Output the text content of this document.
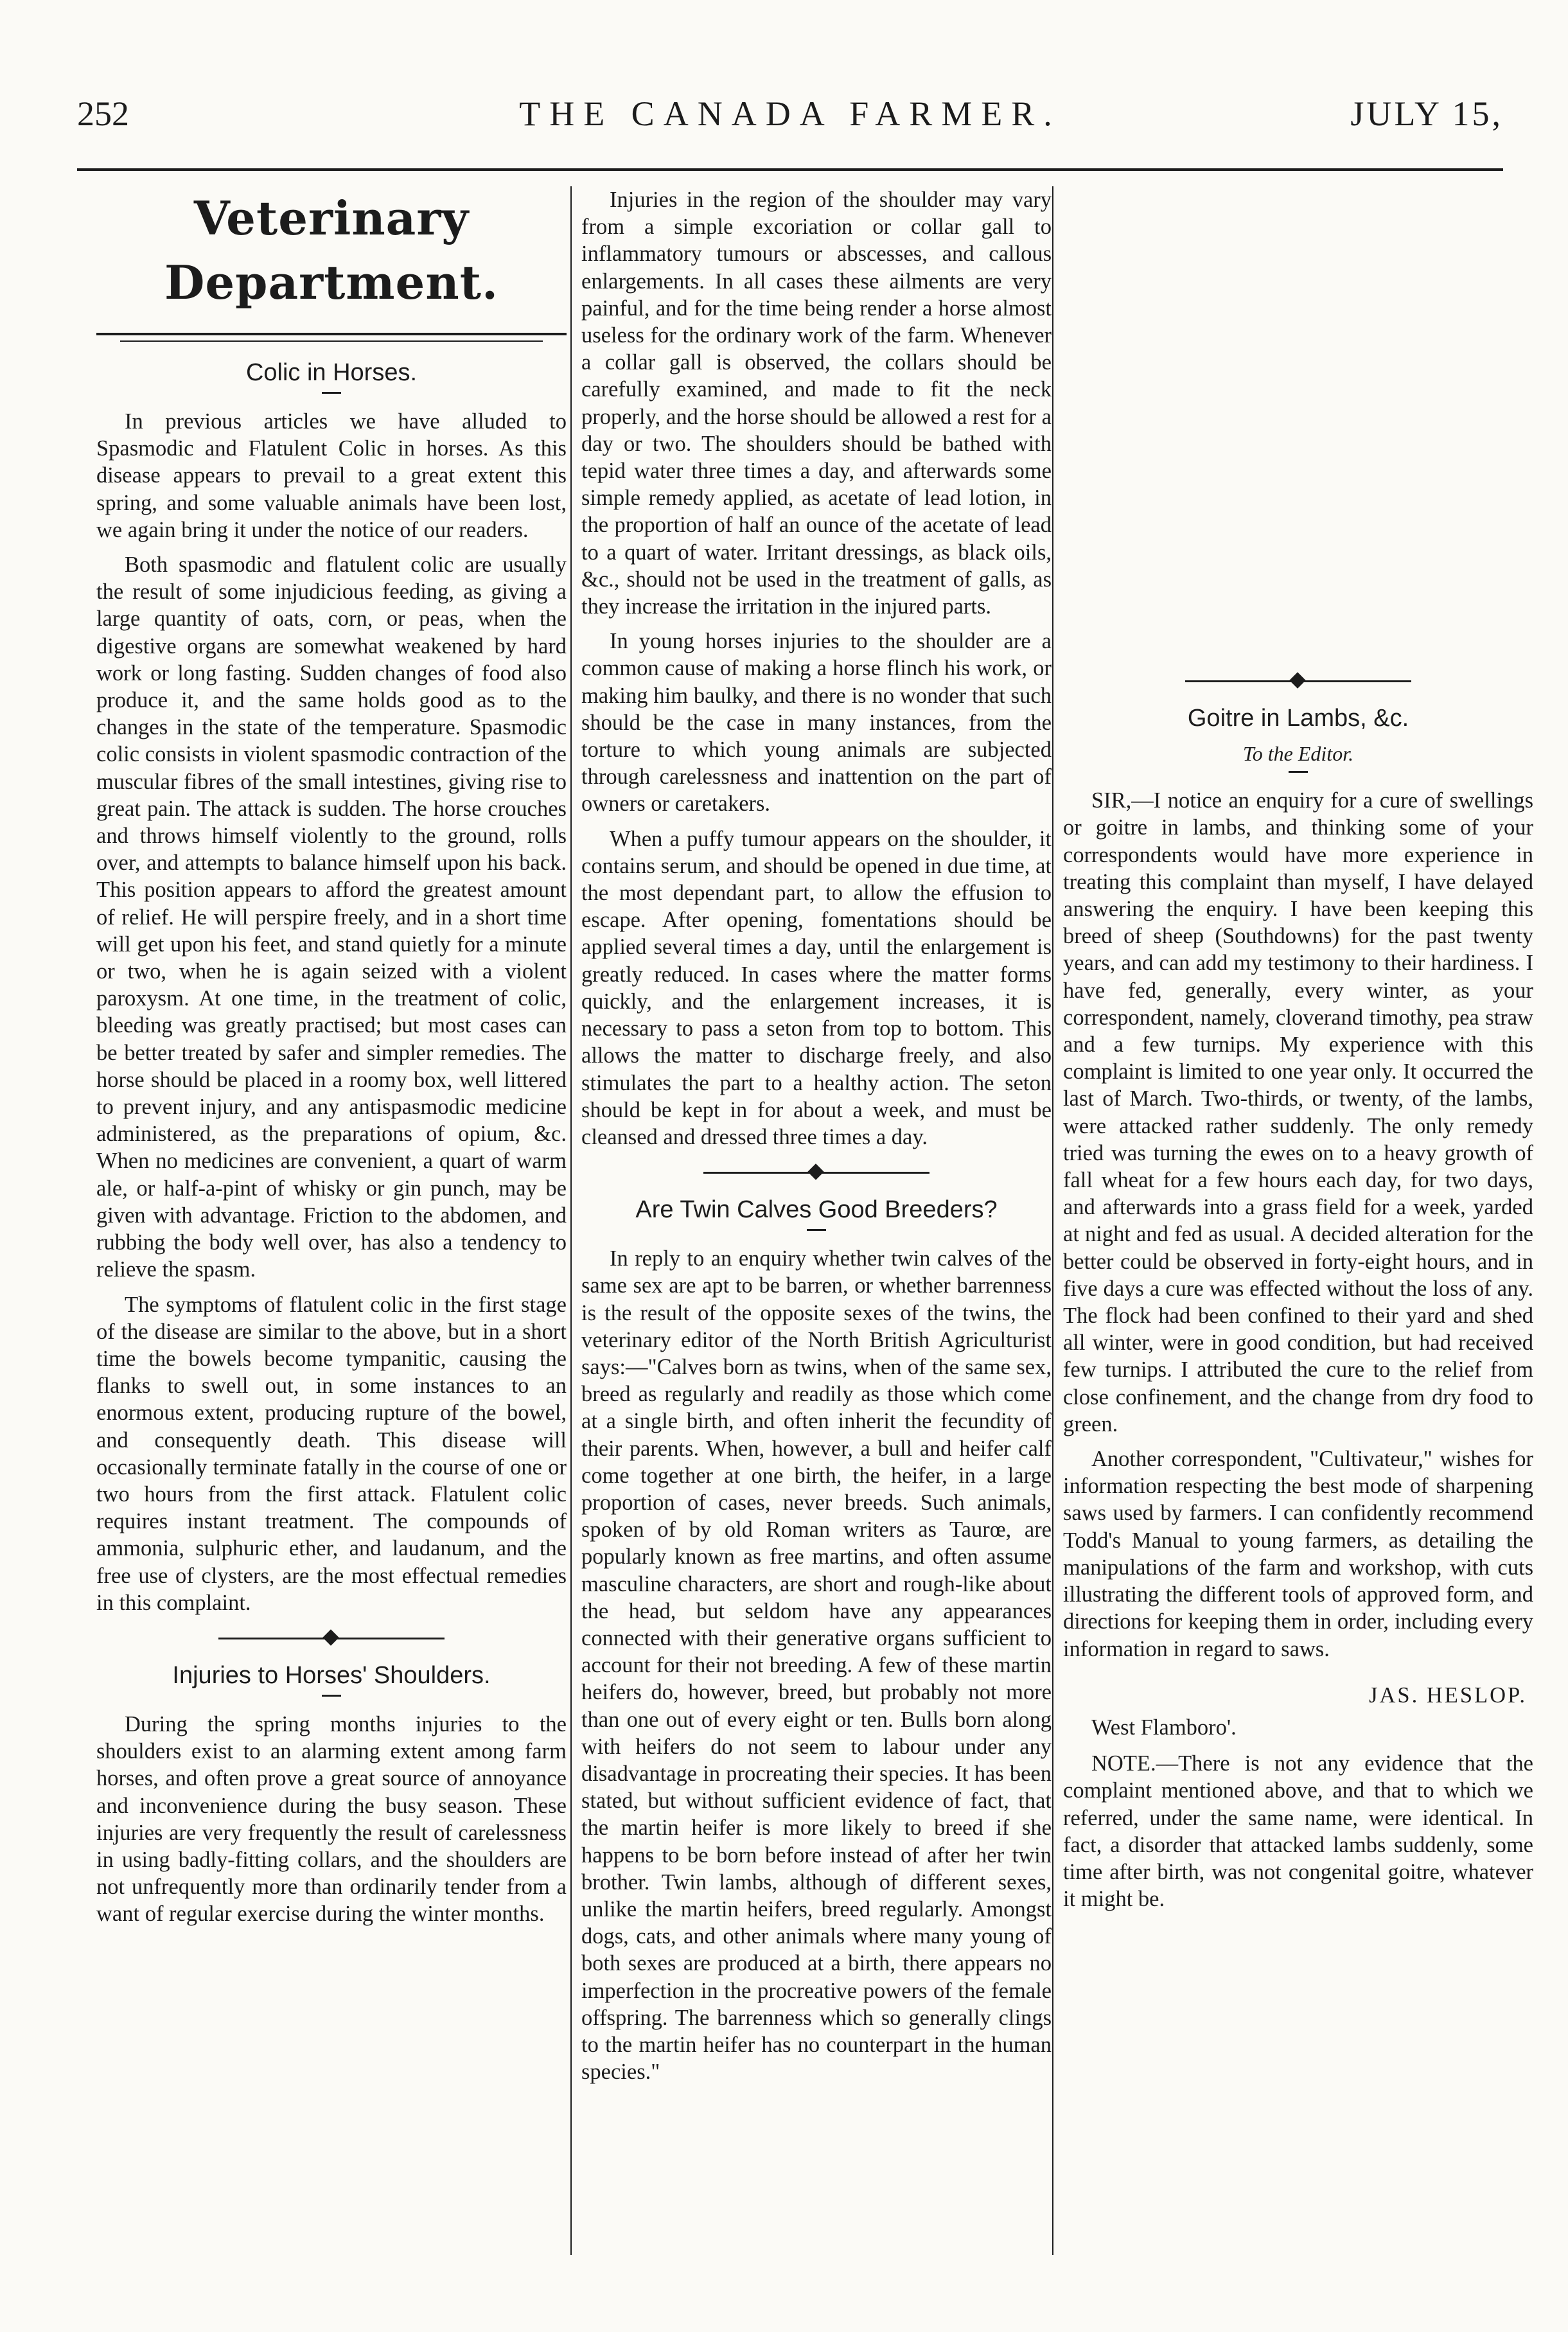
252	THE CANADA FARMER.	JULY 15,
Veterinary Department.
Colic in Horses.

In previous articles we have alluded to Spasmodic and Flatulent Colic in horses. As this disease appears to prevail to a great extent this spring, and some valuable animals have been lost, we again bring it under the notice of our readers.

Both spasmodic and flatulent colic are usually the result of some injudicious feeding, as giving a large quantity of oats, corn, or peas, when the digestive organs are somewhat weakened by hard work or long fasting. Sudden changes of food also produce it, and the same holds good as to the changes in the state of the temperature. Spasmodic colic consists in violent spasmodic contraction of the muscular fibres of the small intestines, giving rise to great pain. The attack is sudden. The horse crouches and throws himself violently to the ground, rolls over, and attempts to balance himself upon his back. This position appears to afford the greatest amount of relief. He will perspire freely, and in a short time will get upon his feet, and stand quietly for a minute or two, when he is again seized with a violent paroxysm. At one time, in the treatment of colic, bleeding was greatly practised; but most cases can be better treated by safer and simpler remedies. The horse should be placed in a roomy box, well littered to prevent injury, and any antispasmodic medicine administered, as the preparations of opium, &c. When no medicines are convenient, a quart of warm ale, or half-a-pint of whisky or gin punch, may be given with advantage. Friction to the abdomen, and rubbing the body well over, has also a tendency to relieve the spasm.

The symptoms of flatulent colic in the first stage of the disease are similar to the above, but in a short time the bowels become tympanitic, causing the flanks to swell out, in some instances to an enormous extent, producing rupture of the bowel, and consequently death. This disease will occasionally terminate fatally in the course of one or two hours from the first attack. Flatulent colic requires instant treatment. The compounds of ammonia, sulphuric ether, and laudanum, and the free use of clysters, are the most effectual remedies in this complaint.

Injuries to Horses' Shoulders.

During the spring months injuries to the shoulders exist to an alarming extent among farm horses, and often prove a great source of annoyance and inconvenience during the busy season. These injuries are very frequently the result of carelessness in using badly-fitting collars, and the shoulders are not unfrequently more than ordinarily tender from a want of regular exercise during the winter months.

Injuries in the region of the shoulder may vary from a simple excoriation or collar gall to inflammatory tumours or abscesses, and callous enlargements. In all cases these ailments are very painful, and for the time being render a horse almost useless for the ordinary work of the farm. Whenever a collar gall is observed, the collars should be carefully examined, and made to fit the neck properly, and the horse should be allowed a rest for a day or two. The shoulders should be bathed with tepid water three times a day, and afterwards some simple remedy applied, as acetate of lead lotion, in the proportion of half an ounce of the acetate of lead to a quart of water. Irritant dressings, as black oils, &c., should not be used in the treatment of galls, as they increase the irritation in the injured parts.

In young horses injuries to the shoulder are a common cause of making a horse flinch his work, or making him baulky, and there is no wonder that such should be the case in many instances, from the torture to which young animals are subjected through carelessness and inattention on the part of owners or caretakers.

When a puffy tumour appears on the shoulder, it contains serum, and should be opened in due time, at the most dependant part, to allow the effusion to escape. After opening, fomentations should be applied several times a day, until the enlargement is greatly reduced. In cases where the matter forms quickly, and the enlargement increases, it is necessary to pass a seton from top to bottom. This allows the matter to discharge freely, and also stimulates the part to a healthy action. The seton should be kept in for about a week, and must be cleansed and dressed three times a day.

Are Twin Calves Good Breeders?

In reply to an enquiry whether twin calves of the same sex are apt to be barren, or whether barrenness is the result of the opposite sexes of the twins, the veterinary editor of the North British Agriculturist says:—"Calves born as twins, when of the same sex, breed as regularly and readily as those which come at a single birth, and often inherit the fecundity of their parents. When, however, a bull and heifer calf come together at one birth, the heifer, in a large proportion of cases, never breeds. Such animals, spoken of by old Roman writers as Taurœ, are popularly known as free martins, and often assume masculine characters, are short and rough-like about the head, but seldom have any appearances connected with their generative organs sufficient to account for their not breeding. A few of these martin heifers do, however, breed, but probably not more than one out of every eight or ten. Bulls born along with heifers do not seem to labour under any disadvantage in procreating their species. It has been stated, but without sufficient evidence of fact, that the martin heifer is more likely to breed if she happens to be born before instead of after her twin brother. Twin lambs, although of different sexes, unlike the martin heifers, breed regularly. Amongst dogs, cats, and other animals where many young of both sexes are produced at a birth, there appears no imperfection in the procreative powers of the female offspring. The barrenness which so generally clings to the martin heifer has no counterpart in the human species."

Goitre in Lambs, &c.
To the Editor.

SIR,—I notice an enquiry for a cure of swellings or goitre in lambs, and thinking some of your correspondents would have more experience in treating this complaint than myself, I have delayed answering the enquiry. I have been keeping this breed of sheep (Southdowns) for the past twenty years, and can add my testimony to their hardiness. I have fed, generally, every winter, as your correspondent, namely, cloverand timothy, pea straw and a few turnips. My experience with this complaint is limited to one year only. It occurred the last of March. Two-thirds, or twenty, of the lambs, were attacked rather suddenly. The only remedy tried was turning the ewes on to a heavy growth of fall wheat for a few hours each day, for two days, and afterwards into a grass field for a week, yarded at night and fed as usual. A decided alteration for the better could be observed in forty-eight hours, and in five days a cure was effected without the loss of any. The flock had been confined to their yard and shed all winter, were in good condition, but had received few turnips. I attributed the cure to the relief from close confinement, and the change from dry food to green.

Another correspondent, "Cultivateur," wishes for information respecting the best mode of sharpening saws used by farmers. I can confidently recommend Todd's Manual to young farmers, as detailing the manipulations of the farm and workshop, with cuts illustrating the different tools of approved form, and directions for keeping them in order, including every information in regard to saws.

JAS. HESLOP.
West Flamboro'.

NOTE.—There is not any evidence that the complaint mentioned above, and that to which we referred, under the same name, were identical. In fact, a disorder that attacked lambs suddenly, some time after birth, was not congenital goitre, whatever it might be.
